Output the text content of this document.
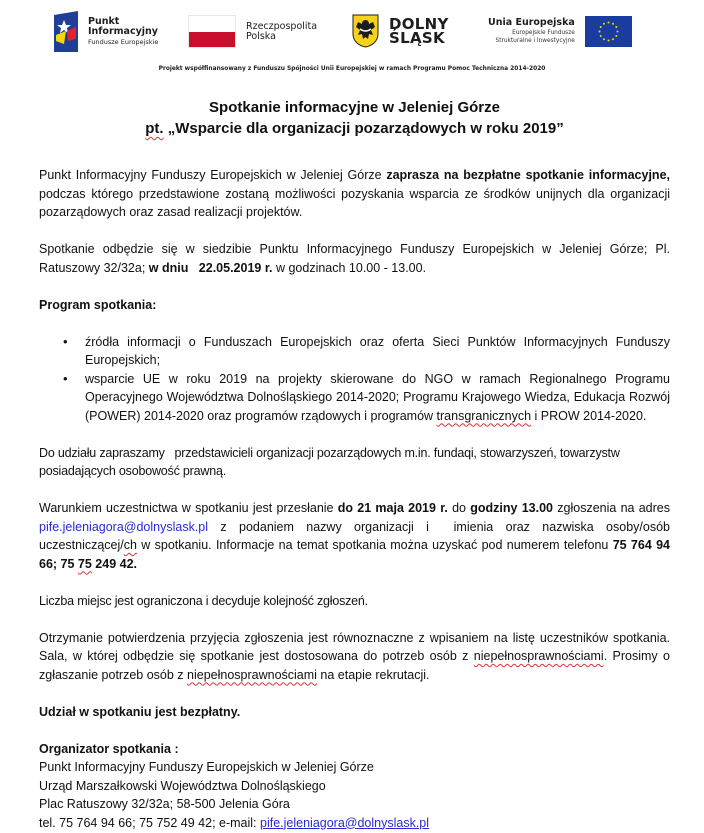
Punkt
Informacyjny
Fundusze Europejskie
Rzeczpospolita
Polska
DOLNY
ŚLĄSK
Unia Europejska
Europejskie Fundusze
Strukturalne i Inwestycyjne
Projekt współfinansowany z Funduszu Spójności Unii Europejskiej w ramach Programu Pomoc Techniczna 2014-2020
Spotkanie informacyjne w Jeleniej Górze
pt. „Wsparcie dla organizacji pozarządowych w roku 2019”

Punkt Informacyjny Funduszy Europejskich w Jeleniej Górze zaprasza na bezpłatne spotkanie informacyjne, podczas którego przedstawione zostaną możliwości pozyskania wsparcia ze środków unijnych dla organizacji pozarządowych oraz zasad realizacji projektów.

Spotkanie odbędzie się w siedzibie Punktu Informacyjnego Funduszy Europejskich w Jeleniej Górze; Pl. Ratuszowy 32/32a; w dniu   22.05.2019 r. w godzinach 10.00 - 13.00.

Program spotkania:

• źródła informacji o Funduszach Europejskich oraz oferta Sieci Punktów Informacyjnych Funduszy Europejskich;
• wsparcie UE w roku 2019 na projekty skierowane do NGO w ramach Regionalnego Programu Operacyjnego Województwa Dolnośląskiego 2014-2020; Programu Krajowego Wiedza, Edukacja Rozwój (POWER) 2014-2020 oraz programów rządowych i programów transgranicznych i PROW 2014-2020.

Do udziału zapraszamy   przedstawicieli organizacji pozarządowych m.in. fundaqi, stowarzyszeń, towarzystw posiadających osobowość prawną.

Warunkiem uczestnictwa w spotkaniu jest przesłanie do 21 maja 2019 r. do godziny 13.00 zgłoszenia na adres pife.jeleniagora@dolnyslask.pl z podaniem nazwy organizacji i  imienia oraz nazwiska osoby/osób uczestniczącej/ch w spotkaniu. Informacje na temat spotkania można uzyskać pod numerem telefonu 75 764 94 66; 75 75 249 42.

Liczba miejsc jest ograniczona i decyduje kolejność zgłoszeń.

Otrzymanie potwierdzenia przyjęcia zgłoszenia jest równoznaczne z wpisaniem na listę uczestników spotkania. Sala, w której odbędzie się spotkanie jest dostosowana do potrzeb osób z niepełnosprawnościami. Prosimy o zgłaszanie potrzeb osób z niepełnosprawnościami na etapie rekrutacji.

Udział w spotkaniu jest bezpłatny.

Organizator spotkania :

Punkt Informacyjny Funduszy Europejskich w Jeleniej Górze

Urząd Marszałkowski Województwa Dolnośląskiego

Plac Ratuszowy 32/32a; 58-500 Jelenia Góra

tel. 75 764 94 66; 75 752 49 42; e-mail: pife.jeleniagora@dolnyslask.pl
